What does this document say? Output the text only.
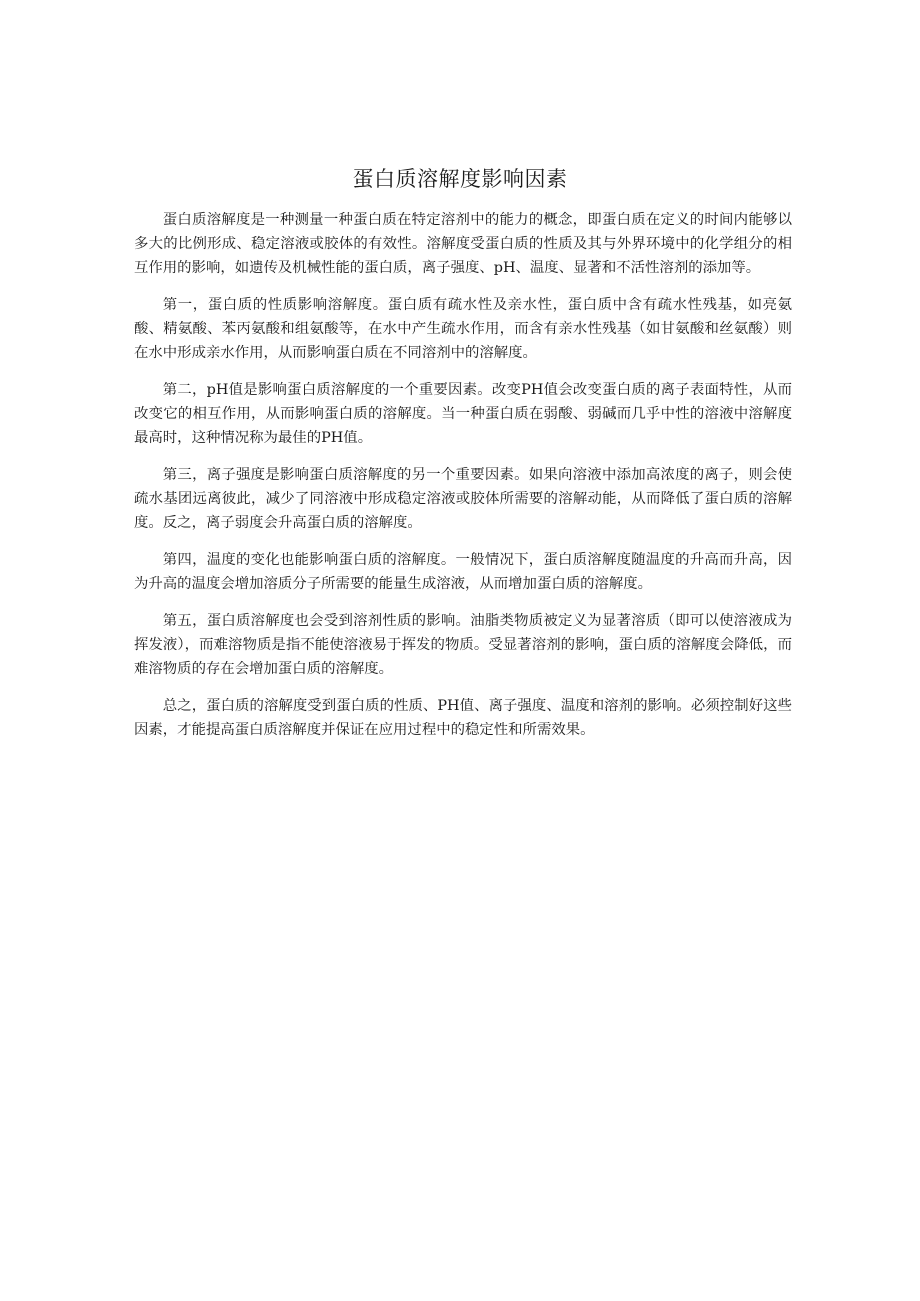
蛋白质溶解度影响因素

蛋白质溶解度是一种测量一种蛋白质在特定溶剂中的能力的概念，即蛋白质在定义的时间内能够以多大的比例形成、稳定溶液或胶体的有效性。溶解度受蛋白质的性质及其与外界环境中的化学组分的相互作用的影响，如遗传及机械性能的蛋白质，离子强度、pH、温度、显著和不活性溶剂的添加等。

第一，蛋白质的性质影响溶解度。蛋白质有疏水性及亲水性，蛋白质中含有疏水性残基，如亮氨酸、精氨酸、苯丙氨酸和组氨酸等，在水中产生疏水作用，而含有亲水性残基（如甘氨酸和丝氨酸）则在水中形成亲水作用，从而影响蛋白质在不同溶剂中的溶解度。

第二，pH值是影响蛋白质溶解度的一个重要因素。改变PH值会改变蛋白质的离子表面特性，从而改变它的相互作用，从而影响蛋白质的溶解度。当一种蛋白质在弱酸、弱碱而几乎中性的溶液中溶解度最高时，这种情况称为最佳的PH值。

第三，离子强度是影响蛋白质溶解度的另一个重要因素。如果向溶液中添加高浓度的离子，则会使疏水基团远离彼此，减少了同溶液中形成稳定溶液或胶体所需要的溶解动能，从而降低了蛋白质的溶解度。反之，离子弱度会升高蛋白质的溶解度。

第四，温度的变化也能影响蛋白质的溶解度。一般情况下，蛋白质溶解度随温度的升高而升高，因为升高的温度会增加溶质分子所需要的能量生成溶液，从而增加蛋白质的溶解度。

第五，蛋白质溶解度也会受到溶剂性质的影响。油脂类物质被定义为显著溶质（即可以使溶液成为挥发液），而难溶物质是指不能使溶液易于挥发的物质。受显著溶剂的影响，蛋白质的溶解度会降低，而难溶物质的存在会增加蛋白质的溶解度。

总之，蛋白质的溶解度受到蛋白质的性质、PH值、离子强度、温度和溶剂的影响。必须控制好这些因素，才能提高蛋白质溶解度并保证在应用过程中的稳定性和所需效果。
